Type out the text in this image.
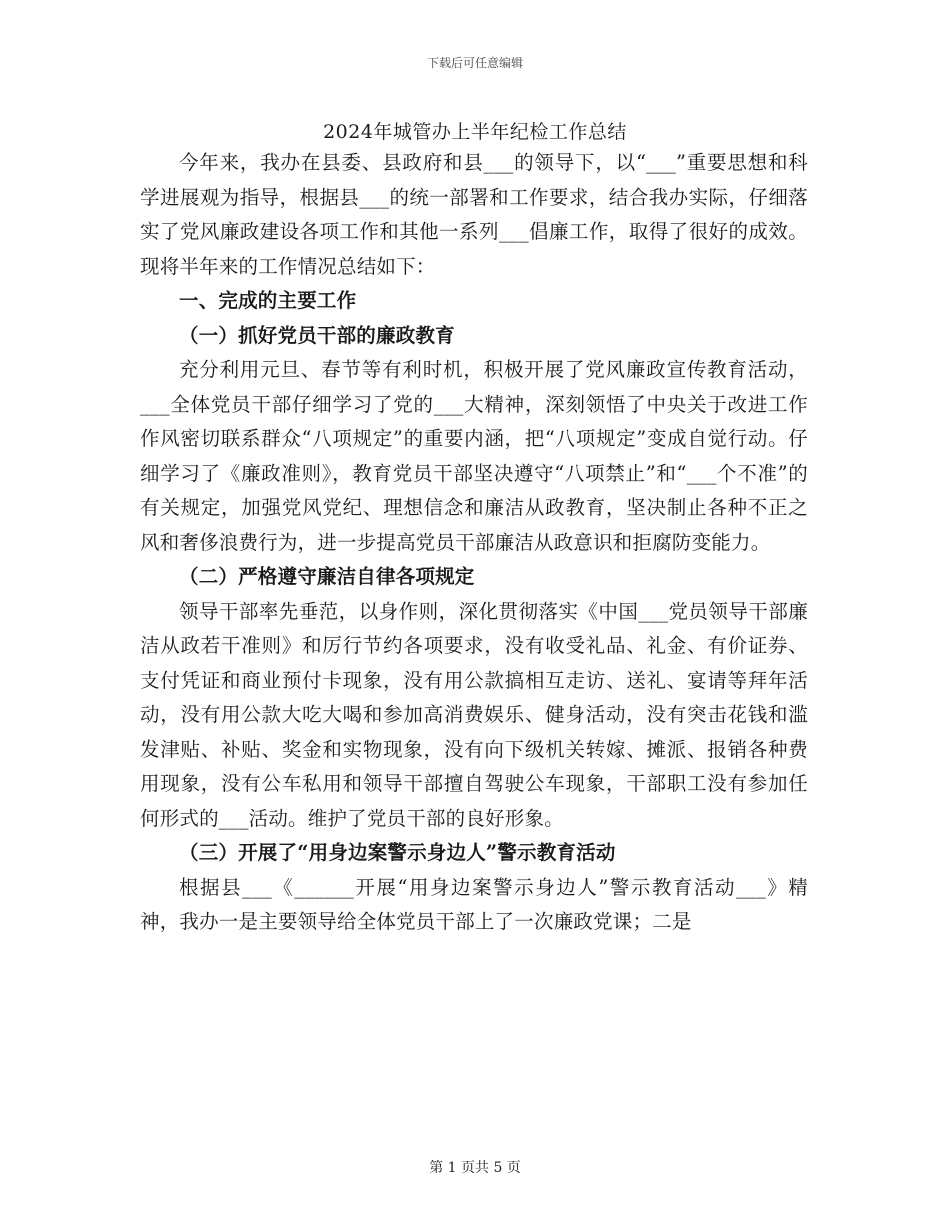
下载后可任意编辑
2024年城管办上半年纪检工作总结

今年来，我办在县委、县政府和县___的领导下，以“___”重要思想和科学进展观为指导，根据县___的统一部署和工作要求，结合我办实际，仔细落实了党风廉政建设各项工作和其他一系列___倡廉工作，取得了很好的成效。现将半年来的工作情况总结如下：

一、完成的主要工作

（一）抓好党员干部的廉政教育

充分利用元旦、春节等有利时机，积极开展了党风廉政宣传教育活动，___全体党员干部仔细学习了党的___大精神，深刻领悟了中央关于改进工作作风密切联系群众“八项规定”的重要内涵，把“八项规定”变成自觉行动。仔细学习了《廉政准则》，教育党员干部坚决遵守“八项禁止”和“___个不准”的有关规定，加强党风党纪、理想信念和廉洁从政教育，坚决制止各种不正之风和奢侈浪费行为，进一步提高党员干部廉洁从政意识和拒腐防变能力。

（二）严格遵守廉洁自律各项规定

领导干部率先垂范，以身作则，深化贯彻落实《中国___党员领导干部廉洁从政若干准则》和厉行节约各项要求，没有收受礼品、礼金、有价证券、支付凭证和商业预付卡现象，没有用公款搞相互走访、送礼、宴请等拜年活动，没有用公款大吃大喝和参加高消费娱乐、健身活动，没有突击花钱和滥发津贴、补贴、奖金和实物现象，没有向下级机关转嫁、摊派、报销各种费用现象，没有公车私用和领导干部擅自驾驶公车现象，干部职工没有参加任何形式的___活动。维护了党员干部的良好形象。

（三）开展了“用身边案警示身边人”警示教育活动

根据县___《______开展“用身边案警示身边人”警示教育活动___》精神，我办一是主要领导给全体党员干部上了一次廉政党课；二是

第 1 页共 5 页
